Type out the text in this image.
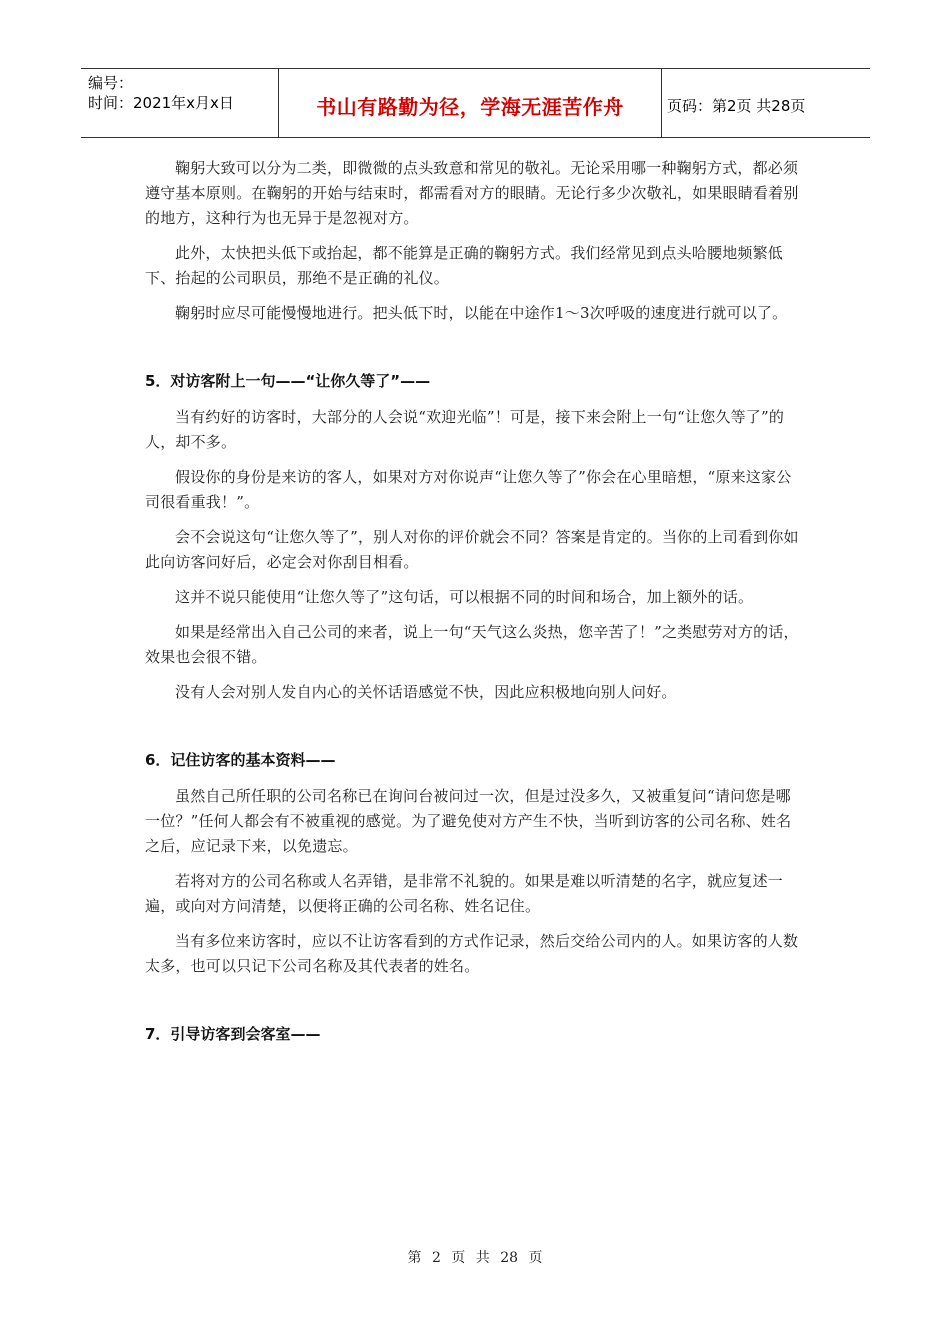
编号：
时间：2021年x月x日	书山有路勤为径，学海无涯苦作舟	页码：第2页 共28页

鞠躬大致可以分为二类，即微微的点头致意和常见的敬礼。无论采用哪一种鞠躬方式，都必须遵守基本原则。在鞠躬的开始与结束时，都需看对方的眼睛。无论行多少次敬礼，如果眼睛看着别的地方，这种行为也无异于是忽视对方。

此外，太快把头低下或抬起，都不能算是正确的鞠躬方式。我们经常见到点头哈腰地频繁低下、抬起的公司职员，那绝不是正确的礼仪。

鞠躬时应尽可能慢慢地进行。把头低下时，以能在中途作1～3次呼吸的速度进行就可以了。

5．对访客附上一句——“让你久等了”——

当有约好的访客时，大部分的人会说“欢迎光临”！可是，接下来会附上一句“让您久等了”的人，却不多。

假设你的身份是来访的客人，如果对方对你说声“让您久等了”你会在心里暗想，“原来这家公司很看重我！”。

会不会说这句“让您久等了”，别人对你的评价就会不同？答案是肯定的。当你的上司看到你如此向访客问好后，必定会对你刮目相看。

这并不说只能使用“让您久等了”这句话，可以根据不同的时间和场合，加上额外的话。

如果是经常出入自己公司的来者，说上一句“天气这么炎热，您辛苦了！”之类慰劳对方的话，效果也会很不错。

没有人会对别人发自内心的关怀话语感觉不快，因此应积极地向别人问好。

6．记住访客的基本资料——

虽然自己所任职的公司名称已在询问台被问过一次，但是过没多久，又被重复问“请问您是哪一位？”任何人都会有不被重视的感觉。为了避免使对方产生不快，当听到访客的公司名称、姓名之后，应记录下来，以免遗忘。

若将对方的公司名称或人名弄错，是非常不礼貌的。如果是难以听清楚的名字，就应复述一遍，或向对方问清楚，以便将正确的公司名称、姓名记住。

当有多位来访客时，应以不让访客看到的方式作记录，然后交给公司内的人。如果访客的人数太多，也可以只记下公司名称及其代表者的姓名。

7．引导访客到会客室——
第 2 页 共 28 页
